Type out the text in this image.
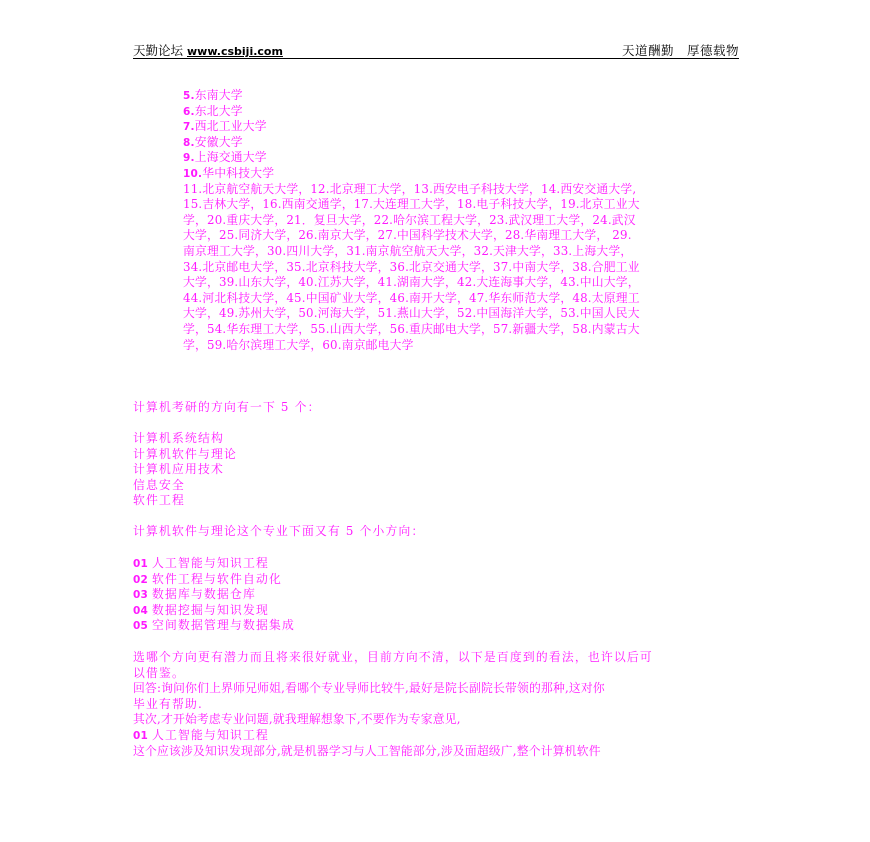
天勤论坛 www.csbiji.com	天道酬勤　厚德载物
5.东南大学
6.东北大学
7.西北工业大学
8.安徽大学
9.上海交通大学
10.华中科技大学
11.北京航空航天大学，12.北京理工大学，13.西安电子科技大学，14.西安交通大学,
15.吉林大学，16.西南交通学，17.大连理工大学，18.电子科技大学，19.北京工业大
学，20.重庆大学，21．复旦大学，22.哈尔滨工程大学，23.武汉理工大学，24.武汉
大学，25.同济大学，26.南京大学，27.中国科学技术大学，28.华南理工大学， 29.
南京理工大学，30.四川大学，31.南京航空航天大学，32.天津大学，33.上海大学，
34.北京邮电大学，35.北京科技大学，36.北京交通大学，37.中南大学，38.合肥工业
大学，39.山东大学，40.江苏大学，41.湖南大学，42.大连海事大学，43.中山大学，
44.河北科技大学，45.中国矿业大学，46.南开大学，47.华东师范大学，48.太原理工
大学，49.苏州大学，50.河海大学，51.燕山大学，52.中国海洋大学，53.中国人民大
学，54.华东理工大学，55.山西大学，56.重庆邮电大学，57.新疆大学，58.内蒙古大
学，59.哈尔滨理工大学，60.南京邮电大学
计算机考研的方向有一下 5 个：
计算机系统结构
计算机软件与理论
计算机应用技术
信息安全
软件工程
计算机软件与理论这个专业下面又有 5 个小方向：
01 人工智能与知识工程
02 软件工程与软件自动化
03 数据库与数据仓库
04 数据挖掘与知识发现
05 空间数据管理与数据集成
选哪个方向更有潜力而且将来很好就业，目前方向不清，以下是百度到的看法，也许以后可
以借鉴。
回答:询问你们上界师兄师姐,看哪个专业导师比较牛,最好是院长副院长带领的那种,这对你
毕业有帮助.
其次,才开始考虑专业问题,就我理解想象下,不要作为专家意见,
01 人工智能与知识工程
这个应该涉及知识发现部分,就是机器学习与人工智能部分,涉及面超级广,整个计算机软件
